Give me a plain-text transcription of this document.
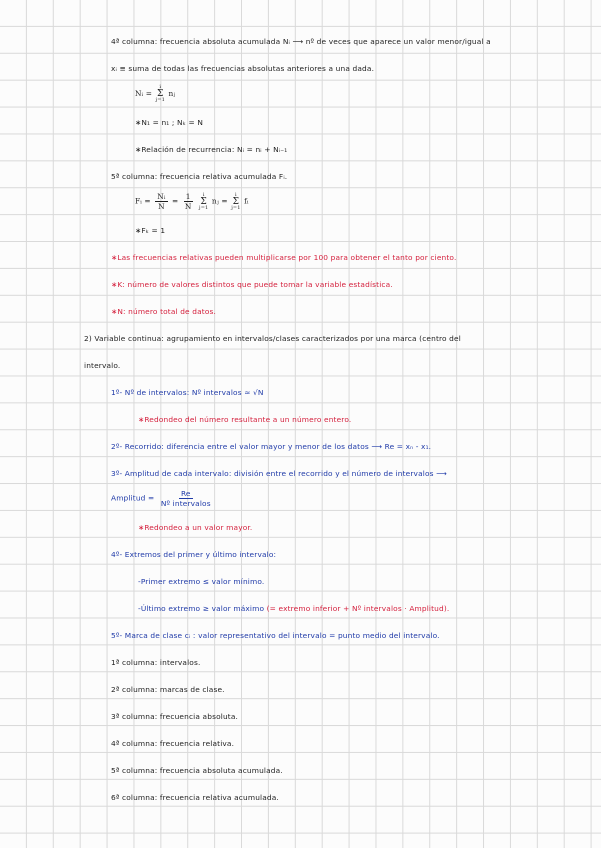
4ª columna: frecuencia absoluta acumulada Nᵢ ⟶ nº de veces que aparece un valor menor/igual a
xᵢ ≡ suma de todas las frecuencias absolutas anteriores a una dada.
Nᵢ =
i
Σ
j=1
nⱼ
∗N₁ = n₁ ; Nₖ = N
∗Relación de recurrencia: Nᵢ = nᵢ + Nᵢ₋₁
5ª columna: frecuencia relativa acumulada Fᵢ.
Fᵢ = $\frac{\text{Nᵢ}}{N} = \frac{1}{N}$
i
Σ
j=1
nⱼ =
i
Σ
j=1
fᵢ
∗Fₖ = 1
∗Las frecuencias relativas pueden multiplicarse por 100 para obtener el tanto por ciento.
∗K: número de valores distintos que puede tomar la variable estadística.
∗N: número total de datos.
2) Variable continua: agrupamiento en intervalos/clases caracterizados por una marca (centro del
intervalo.
1º- Nº de intervalos: Nº intervalos ≈ √N
∗Redondeo del número resultante a un número entero.
2º- Recorrido: diferencia entre el valor mayor y menor de los datos ⟶ Re = xₙ - x₁.
3º- Amplitud de cada intervalo: división entre el recorrido y el número de intervalos ⟶
Amplitud = $\frac{Re}{\text{Nº intervalos}}$
∗Redondeo a un valor mayor.
4º- Extremos del primer y último intervalo:
-Primer extremo ≤ valor mínimo.
-Último extremo ≥ valor máximo (= extremo inferior + Nº intervalos · Amplitud).
5º- Marca de clase cᵢ : valor representativo del intervalo = punto medio del intervalo.
1ª columna: intervalos.
2ª columna: marcas de clase.
3ª columna: frecuencia absoluta.
4ª columna: frecuencia relativa.
5ª columna: frecuencia absoluta acumulada.
6ª columna: frecuencia relativa acumulada.
